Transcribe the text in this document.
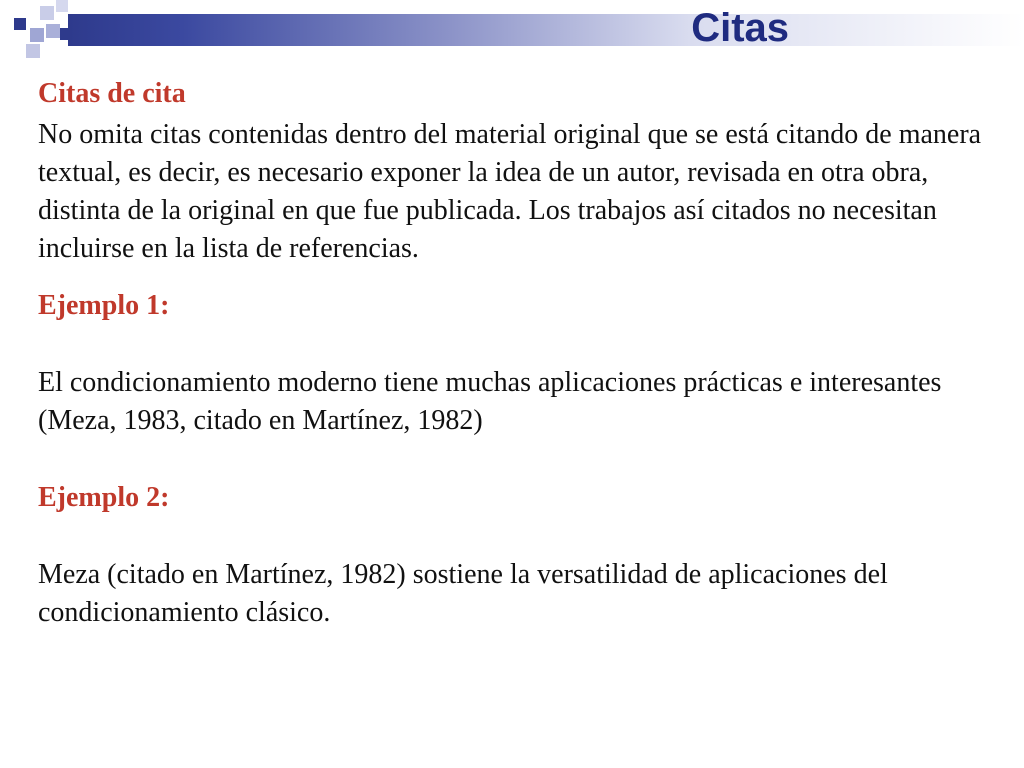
Citas
Citas de cita

No omita citas contenidas dentro del material original que se está citando de manera textual, es decir, es necesario exponer la idea de un autor, revisada en otra obra, distinta de la original en que fue publicada. Los trabajos así citados no necesitan incluirse en la lista de referencias.

Ejemplo 1:

El condicionamiento moderno tiene muchas aplicaciones prácticas e interesantes (Meza, 1983, citado en Martínez, 1982)

Ejemplo 2:

Meza (citado en Martínez, 1982) sostiene la versatilidad de aplicaciones del condicionamiento clásico.
